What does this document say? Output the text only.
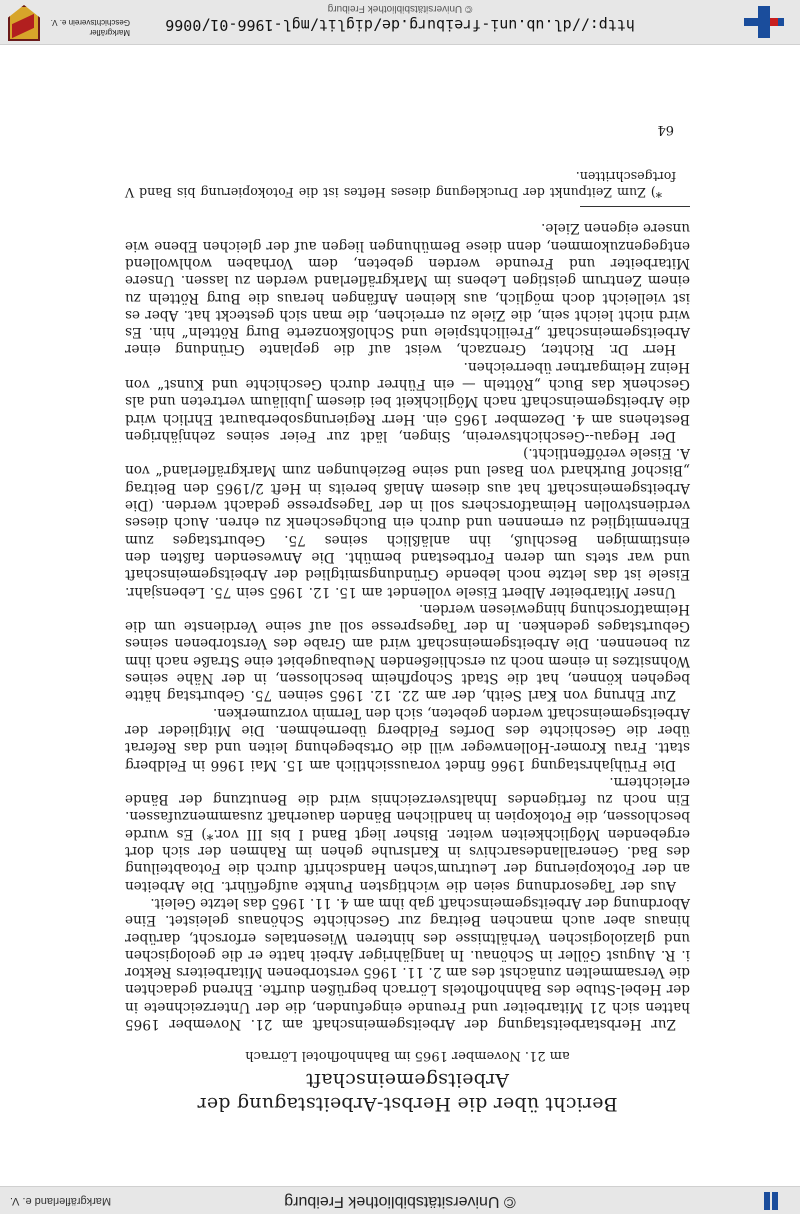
http://dl.ub.uni-freiburg.de/diglit/mgl-1966-01/0066
Markgräfler Geschichtsverein e. V.
© Universitätsbibliothek Freiburg
Bericht über die Herbst-Arbeitstagung der Arbeitsgemeinschaft
am 21. November 1965 im Bahnhofhotel Lörrach

Zur Herbstarbeitstagung der Arbeitsgemeinschaft am 21. November 1965 hatten sich 21 Mitarbeiter und Freunde eingefunden, die der Unterzeichnete in der Hebel-Stube des Bahnhofhotels Lörrach begrüßen durfte. Ehrend gedachten die Versammelten zunächst des am 2. 11. 1965 verstorbenen Mitarbeiters Rektor i. R. August Göller in Schönau. In langjähriger Arbeit hatte er die geologischen und glaziologischen Verhältnisse des hinteren Wiesentales erforscht, darüber hinaus aber auch manchen Beitrag zur Geschichte Schönaus geleistet. Eine Abordnung der Arbeitsgemeinschaft gab ihm am 4. 11. 1965 das letzte Geleit.

Aus der Tagesordnung seien die wichtigsten Punkte aufgeführt. Die Arbeiten an der Fotokopierung der Leutrum'schen Handschrift durch die Fotoabteilung des Bad. Generallandesarchivs in Karlsruhe gehen im Rahmen der sich dort ergebenden Möglichkeiten weiter. Bisher liegt Band I bis III vor.*) Es wurde beschlossen, die Fotokopien in handlichen Bänden dauerhaft zusammenzufassen. Ein noch zu fertigendes Inhaltsverzeichnis wird die Benutzung der Bände erleichtern.

Die Frühjahrstagung 1966 findet voraussichtlich am 15. Mai 1966 in Feldberg statt. Frau Kromer-Hollenweger will die Ortsbegehung leiten und das Referat über die Geschichte des Dorfes Feldberg übernehmen. Die Mitglieder der Arbeitsgemeinschaft werden gebeten, sich den Termin vorzumerken.

Zur Ehrung von Karl Seith, der am 22. 12. 1965 seinen 75. Geburtstag hätte begehen können, hat die Stadt Schopfheim beschlossen, in der Nähe seines Wohnsitzes in einem noch zu erschließenden Neubaugebiet eine Straße nach ihm zu benennen. Die Arbeitsgemeinschaft wird am Grabe des Verstorbenen seines Geburtstages gedenken. In der Tagespresse soll auf seine Verdienste um die Heimatforschung hingewiesen werden.

Unser Mitarbeiter Albert Eisele vollendet am 15. 12. 1965 sein 75. Lebensjahr. Eisele ist das letzte noch lebende Gründungsmitglied der Arbeitsgemeinschaft und war stets um deren Fortbestand bemüht. Die Anwesenden faßten den einstimmigen Beschluß, ihn anläßlich seines 75. Geburtstages zum Ehrenmitglied zu ernennen und durch ein Buchgeschenk zu ehren. Auch dieses verdienstvollen Heimatforschers soll in der Tagespresse gedacht werden. (Die Arbeitsgemeinschaft hat aus diesem Anlaß bereits in Heft 2/1965 den Beitrag „Bischof Burkhard von Basel und seine Beziehungen zum Markgräflerland“ von A. Eisele veröffentlicht.)

Der Hegau--Geschichtsverein, Singen, lädt zur Feier seines zehnjährigen Bestehens am 4. Dezember 1965 ein. Herr Regierungsoberbaurat Ehrlich wird die Arbeitsgemeinschaft nach Möglichkeit bei diesem Jubiläum vertreten und als Geschenk das Buch „Rötteln — ein Führer durch Geschichte und Kunst“ von Heinz Heimgartner überreichen.

Herr Dr. Richter, Grenzach, weist auf die geplante Gründung einer Arbeitsgemeinschaft „Freilichtspiele und Schloßkonzerte Burg Rötteln“ hin. Es wird nicht leicht sein, die Ziele zu erreichen, die man sich gesteckt hat. Aber es ist vielleicht doch möglich, aus kleinen Anfängen heraus die Burg Rötteln zu einem Zentrum geistigen Lebens im Markgräflerland werden zu lassen. Unsere Mitarbeiter und Freunde werden gebeten, dem Vorhaben wohlwollend entgegenzukommen, denn diese Bemühungen liegen auf der gleichen Ebene wie unsere eigenen Ziele.

*) Zum Zeitpunkt der Drucklegung dieses Heftes ist die Fotokopierung bis Band V fortgeschritten.

64
© Universitätsbibliothek Freiburg
Markgräflerland e. V.
